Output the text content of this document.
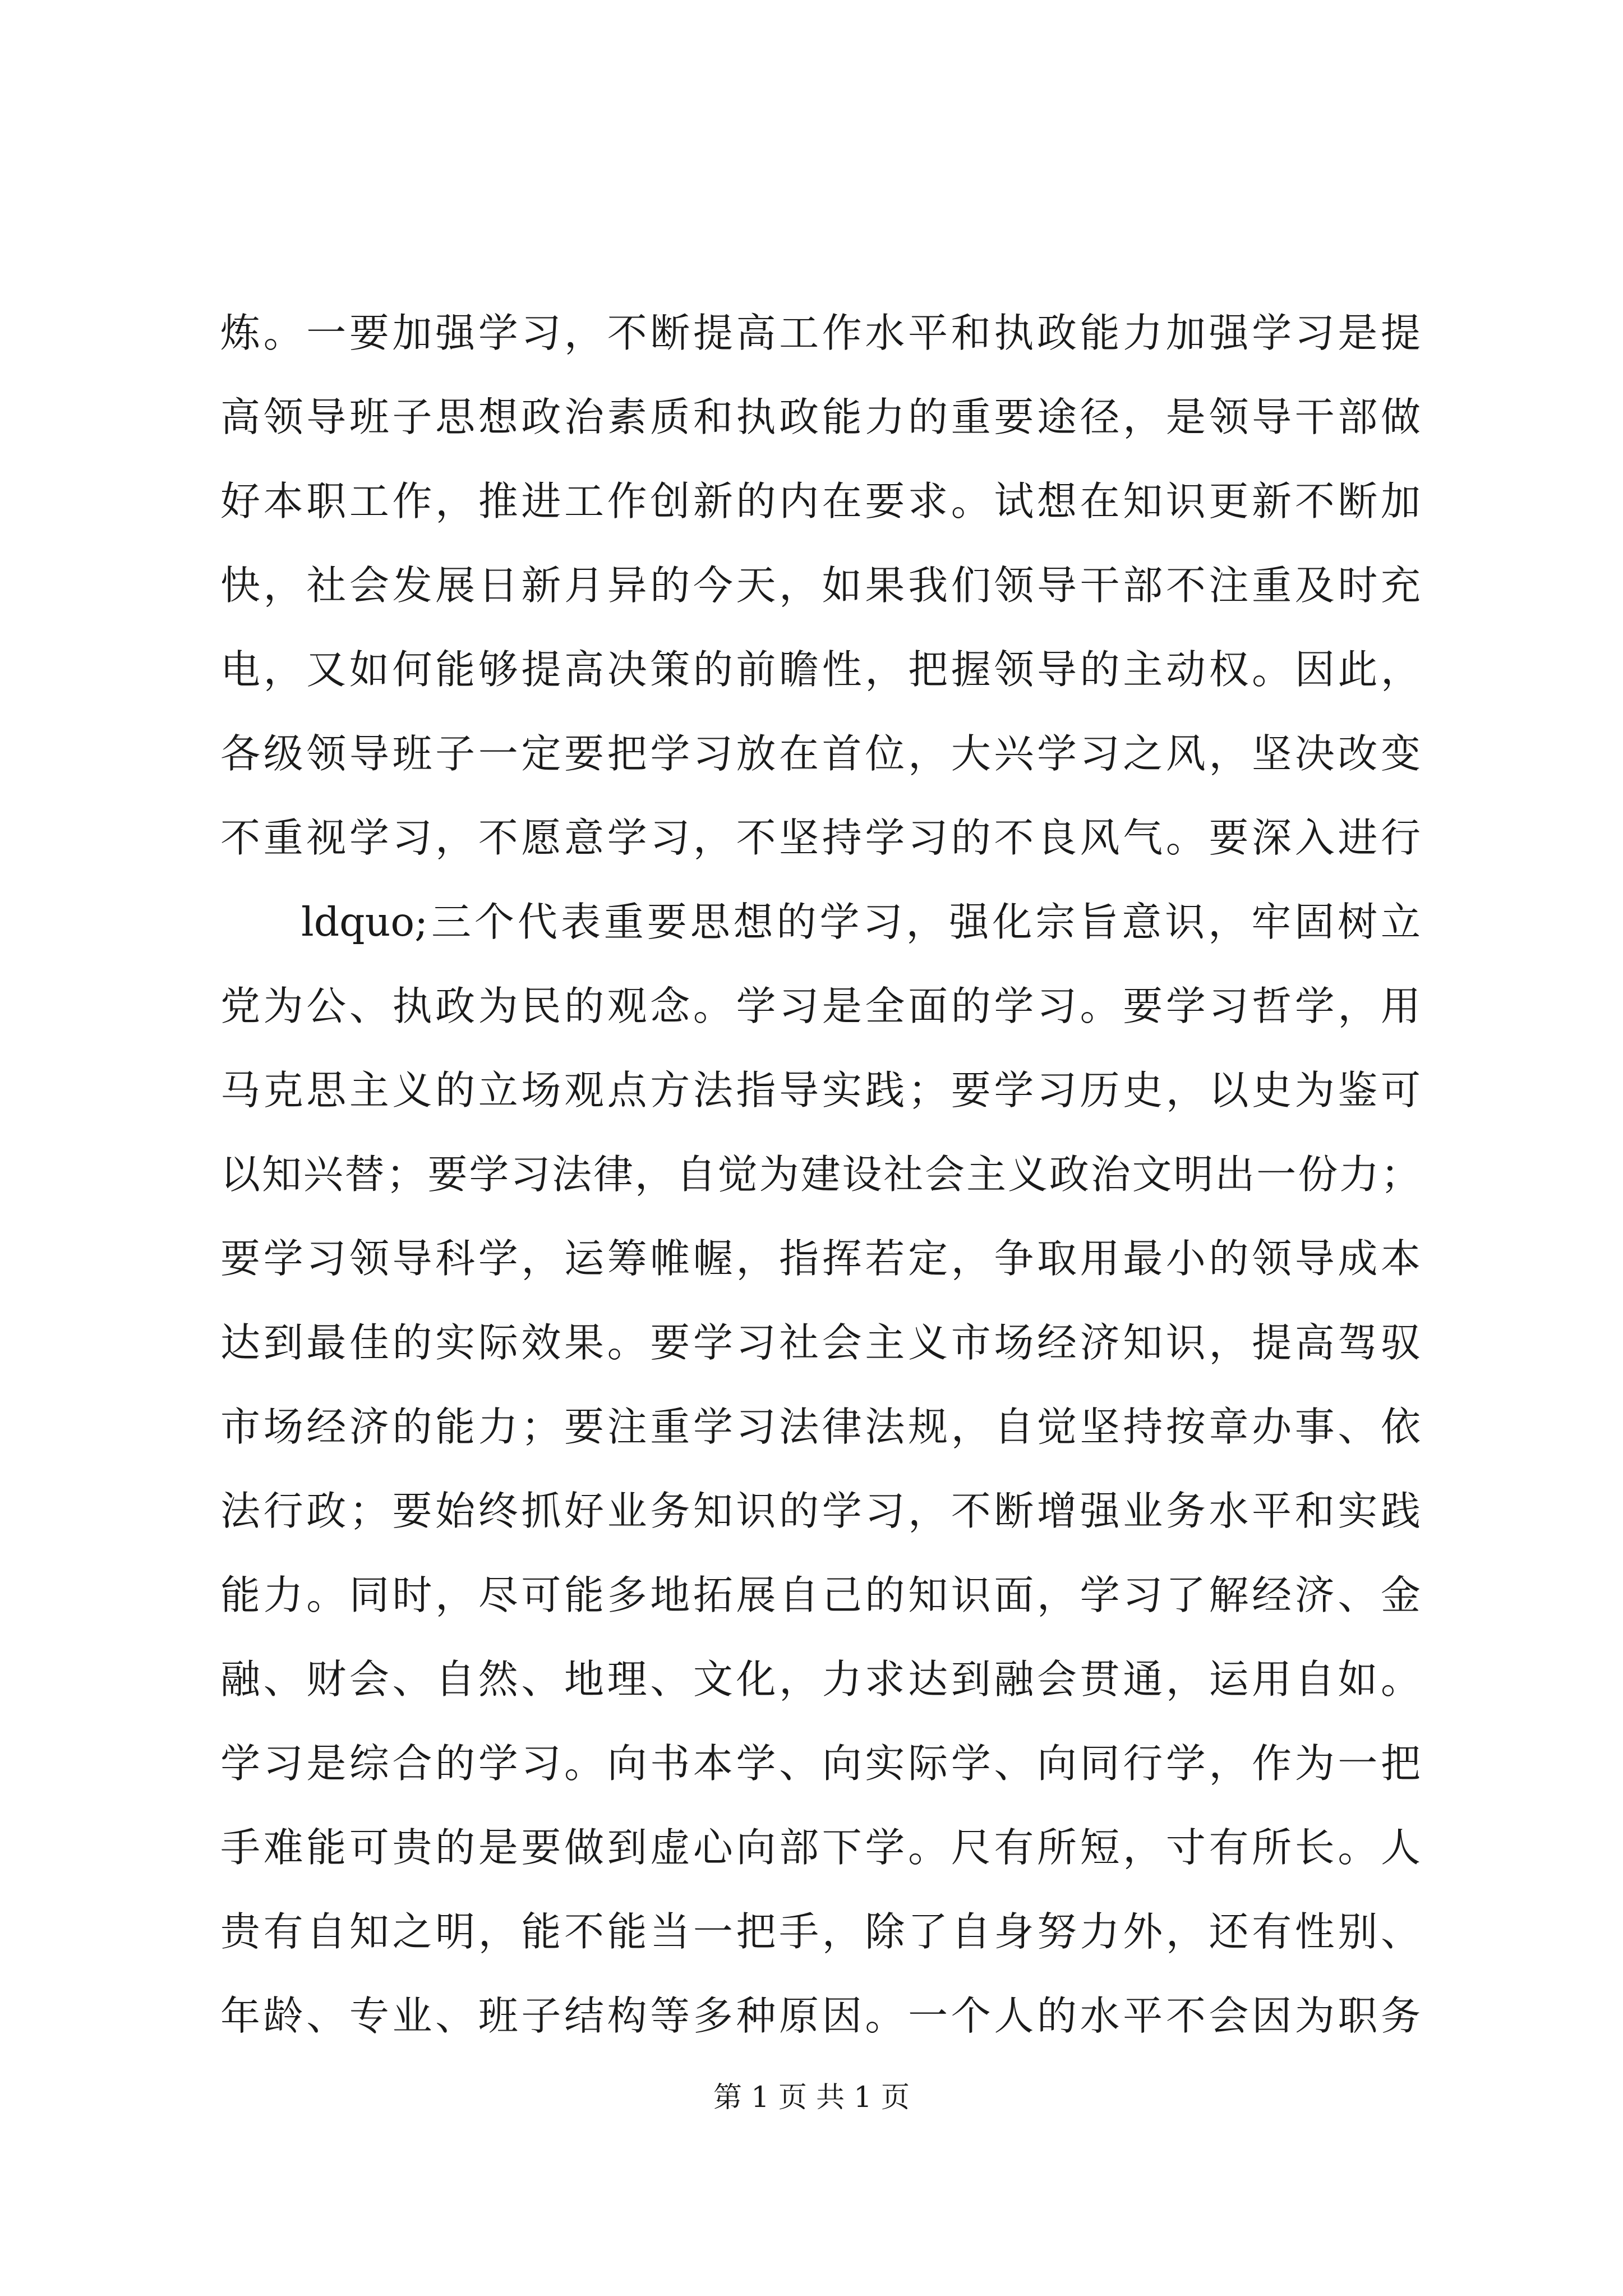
炼。一要加强学习，不断提高工作水平和执政能力加强学习是提
高领导班子思想政治素质和执政能力的重要途径，是领导干部做
好本职工作，推进工作创新的内在要求。试想在知识更新不断加
快，社会发展日新月异的今天，如果我们领导干部不注重及时充
电，又如何能够提高决策的前瞻性，把握领导的主动权。因此，
各级领导班子一定要把学习放在首位，大兴学习之风，坚决改变
不重视学习，不愿意学习，不坚持学习的不良风气。要深入进行
ldquo;三个代表重要思想的学习，强化宗旨意识，牢固树立
党为公、执政为民的观念。学习是全面的学习。要学习哲学，用
马克思主义的立场观点方法指导实践；要学习历史，以史为鉴可
以知兴替；要学习法律，自觉为建设社会主义政治文明出一份力；
要学习领导科学，运筹帷幄，指挥若定，争取用最小的领导成本
达到最佳的实际效果。要学习社会主义市场经济知识，提高驾驭
市场经济的能力；要注重学习法律法规，自觉坚持按章办事、依
法行政；要始终抓好业务知识的学习，不断增强业务水平和实践
能力。同时，尽可能多地拓展自己的知识面，学习了解经济、金
融、财会、自然、地理、文化，力求达到融会贯通，运用自如。
学习是综合的学习。向书本学、向实际学、向同行学，作为一把
手难能可贵的是要做到虚心向部下学。尺有所短，寸有所长。人
贵有自知之明，能不能当一把手，除了自身努力外，还有性别、
年龄、专业、班子结构等多种原因。一个人的水平不会因为职务
第 1 页 共 1 页
